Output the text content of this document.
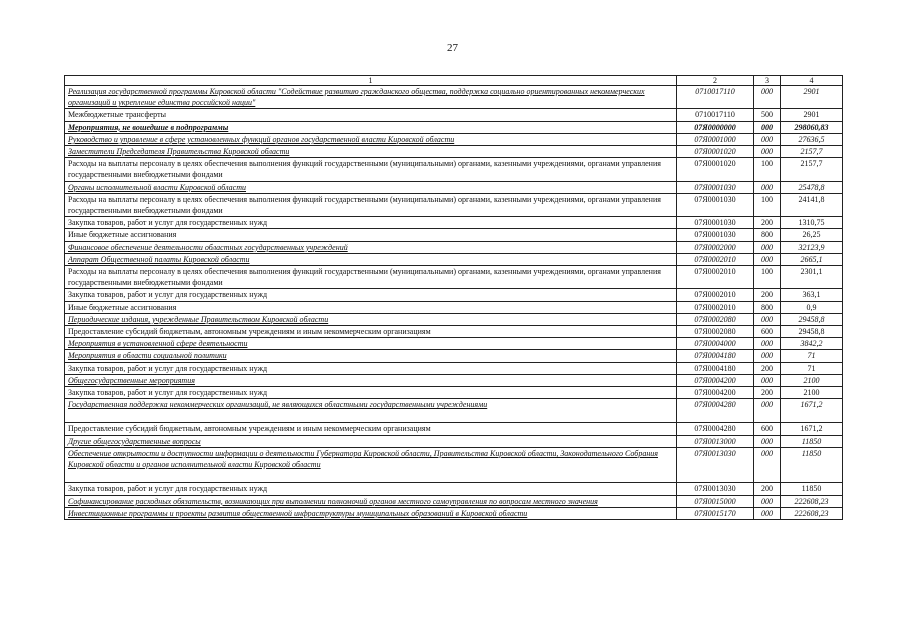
27
1	2	3	4
Реализация государственной программы Кировской области "Содействие развитию гражданского общества, поддержка социально ориентированных некоммерческих организаций и укрепление единства российской нации"	0710017110	000	2901
Межбюджетные трансферты	0710017110	500	2901
Мероприятия, не вошедшие в подпрограммы	07Я0000000	000	298060,83
Руководство и управление в сфере установленных функций органов государственной власти Кировской области	07Я0001000	000	27636,5
Заместители Председателя Правительства Кировской области	07Я0001020	000	2157,7
Расходы на выплаты персоналу в целях обеспечения выполнения функций государственными (муниципальными) органами, казенными учреждениями, органами управления государственными внебюджетными фондами	07Я0001020	100	2157,7
Органы исполнительной власти Кировской области	07Я0001030	000	25478,8
Расходы на выплаты персоналу в целях обеспечения выполнения функций государственными (муниципальными) органами, казенными учреждениями, органами управления государственными внебюджетными фондами	07Я0001030	100	24141,8
Закупка товаров, работ и услуг для государственных нужд	07Я0001030	200	1310,75
Иные бюджетные ассигнования	07Я0001030	800	26,25
Финансовое обеспечение деятельности областных государственных учреждений	07Я0002000	000	32123,9
Аппарат Общественной палаты Кировской области	07Я0002010	000	2665,1
Расходы на выплаты персоналу в целях обеспечения выполнения функций государственными (муниципальными) органами, казенными учреждениями, органами управления государственными внебюджетными фондами	07Я0002010	100	2301,1
Закупка товаров, работ и услуг для государственных нужд	07Я0002010	200	363,1
Иные бюджетные ассигнования	07Я0002010	800	0,9
Периодические издания, учрежденные Правительством Кировской области	07Я0002080	000	29458,8
Предоставление субсидий бюджетным, автономным учреждениям и иным некоммерческим организациям	07Я0002080	600	29458,8
Мероприятия в установленной сфере деятельности	07Я0004000	000	3842,2
Мероприятия в области социальной политики	07Я0004180	000	71
Закупка товаров, работ и услуг для государственных нужд	07Я0004180	200	71
Общегосударственные мероприятия	07Я0004200	000	2100
Закупка товаров, работ и услуг для государственных нужд	07Я0004200	200	2100
Государственная поддержка некоммерческих организаций, не являющихся областными государственными учреждениями	07Я0004280	000	1671,2
Предоставление субсидий бюджетным, автономным учреждениям и иным некоммерческим организациям	07Я0004280	600	1671,2
Другие общегосударственные вопросы	07Я0013000	000	11850
Обеспечение открытости и доступности информации о деятельности Губернатора Кировской области, Правительства Кировской области, Законодательного Собрания Кировской области и органов исполнительной власти Кировской области	07Я0013030	000	11850
Закупка товаров, работ и услуг для государственных нужд	07Я0013030	200	11850
Софинансирование расходных обязательств, возникающих при выполнении полномочий органов местного самоуправления по вопросам местного значения	07Я0015000	000	222608,23
Инвестиционные программы и проекты развития общественной инфраструктуры муниципальных образований в Кировской области	07Я0015170	000	222608,23
